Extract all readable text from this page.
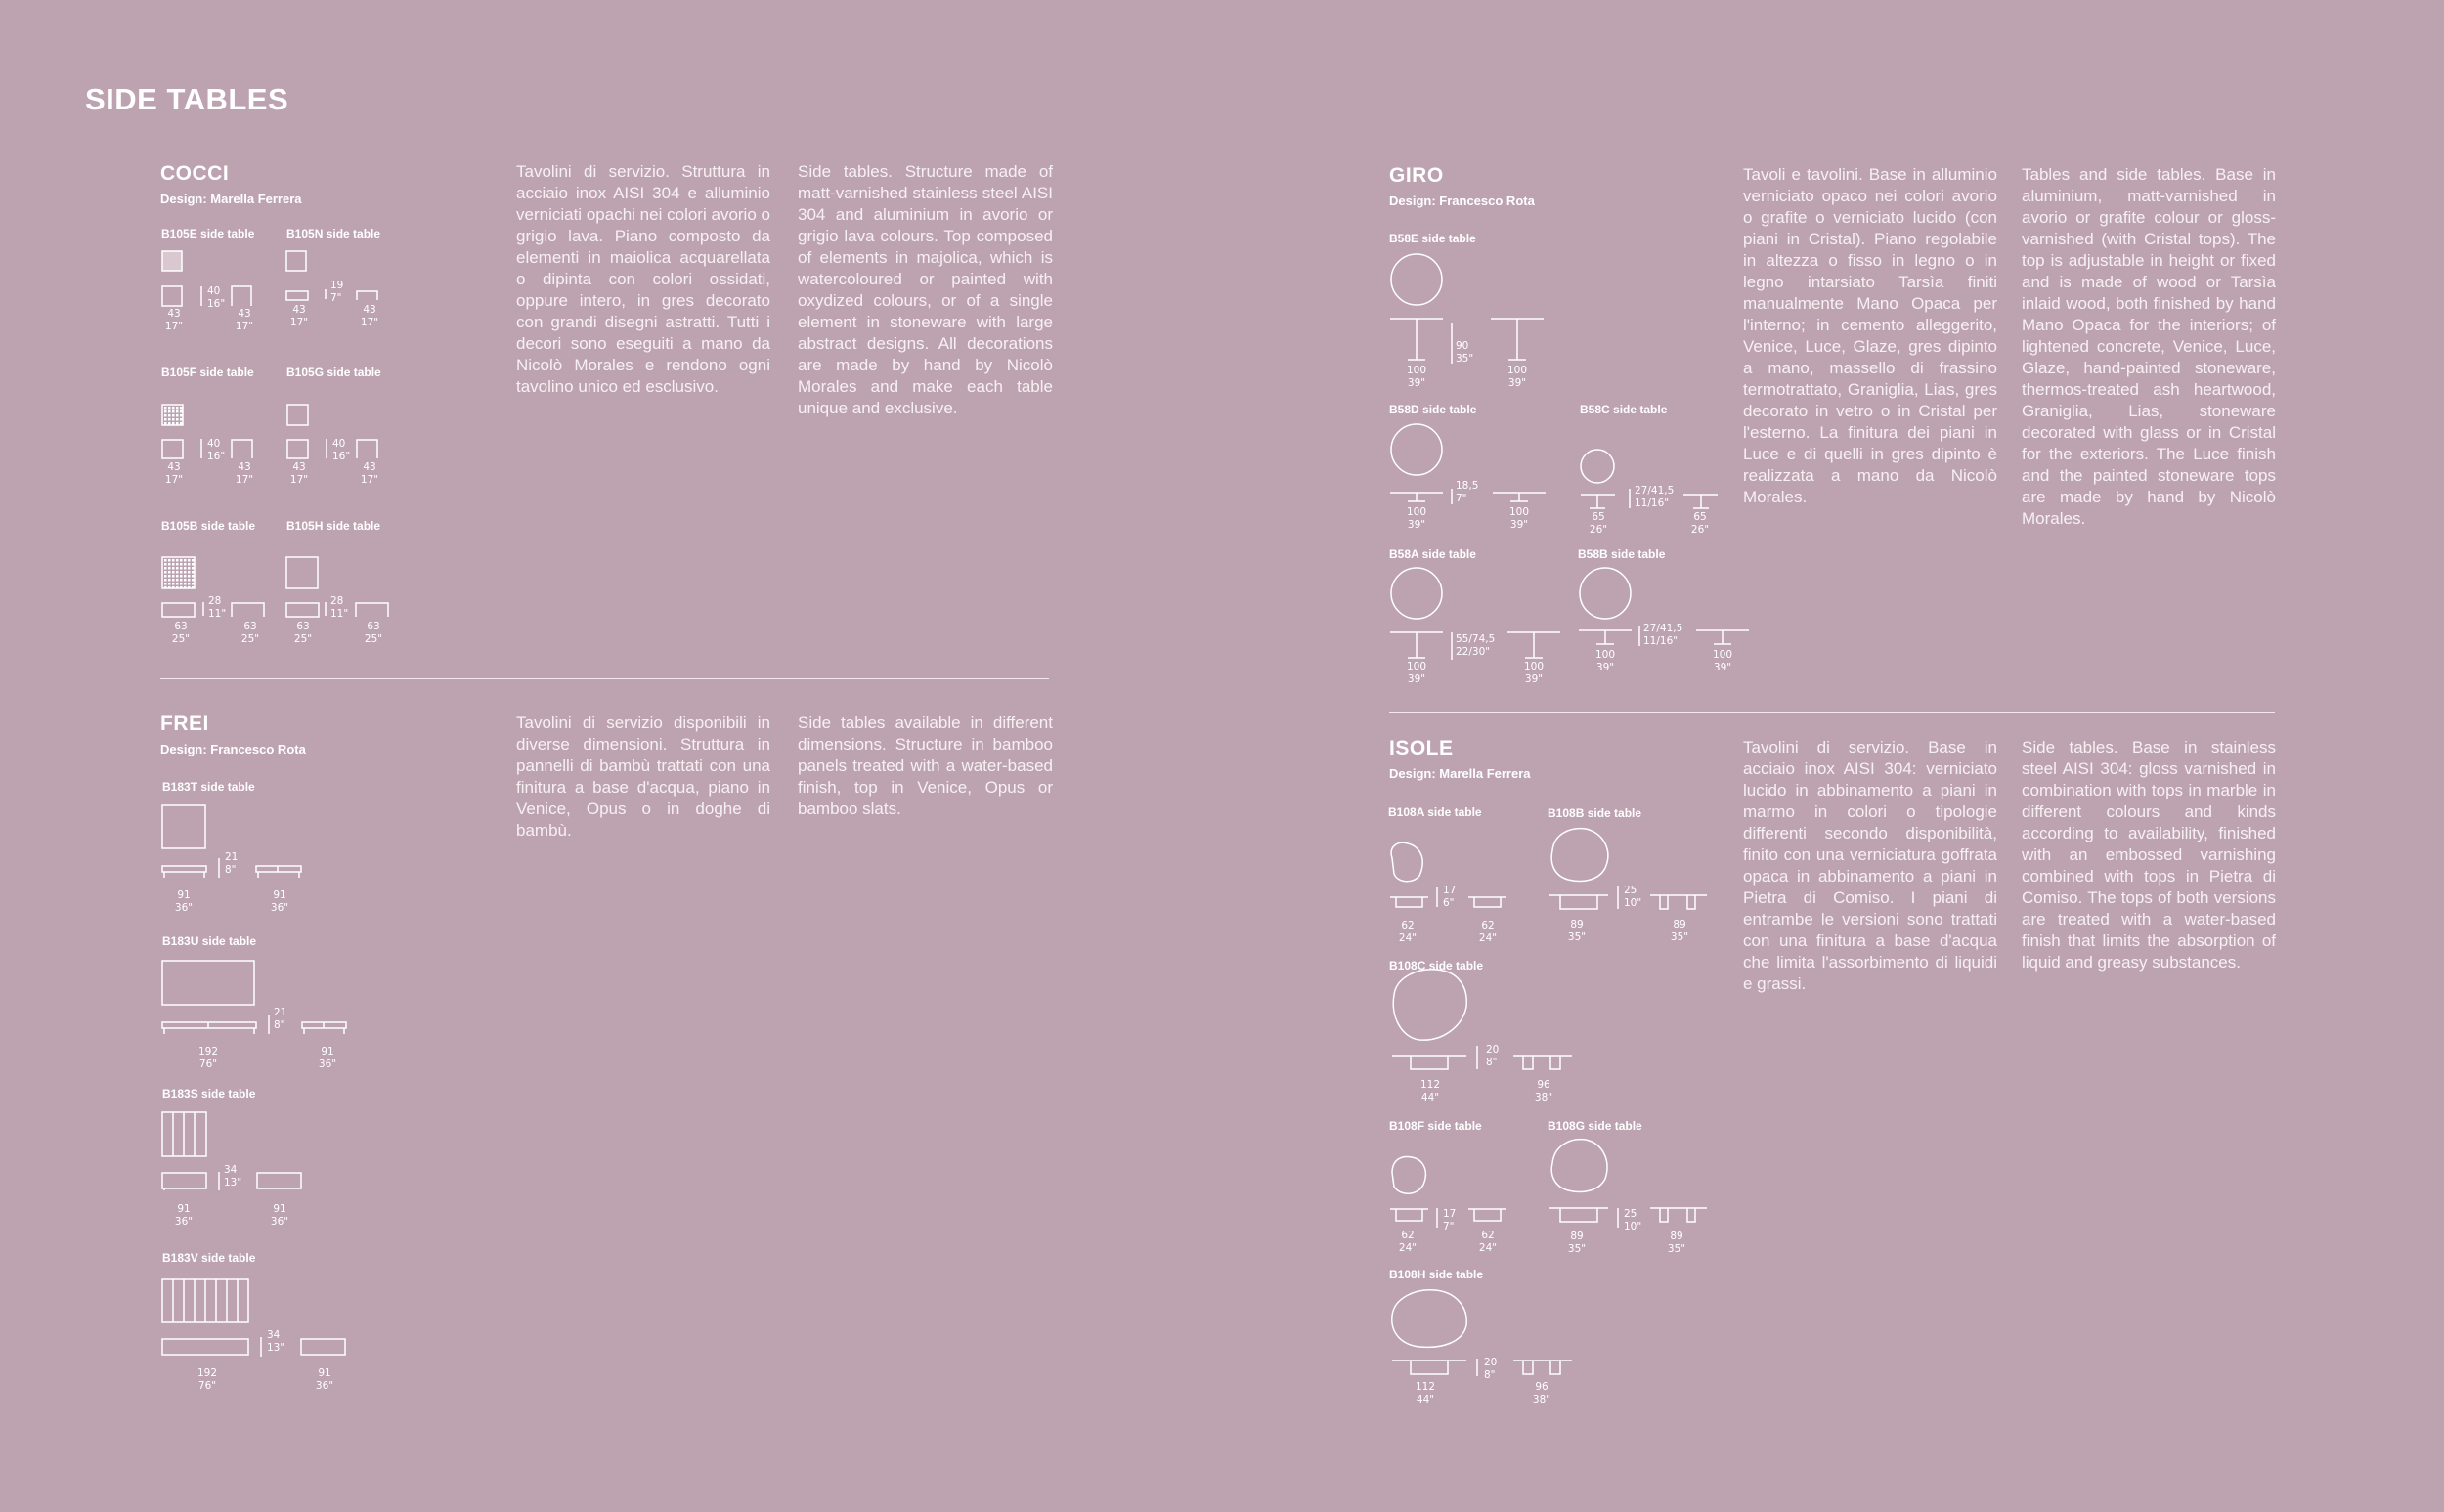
SIDE TABLES
COCCI
Design: Marella Ferrera
Tavolini di servizio. Struttura in acciaio inox AISI 304 e alluminio verniciati opachi nei colori avorio o grigio lava. Piano composto da elementi in maiolica acquarellata o dipinta con colori ossidati, oppure intero, in gres decorato con grandi disegni astratti. Tutti i decori sono eseguiti a mano da Nicolò Morales e rendono ogni tavolino unico ed esclusivo.
Side tables. Structure made of matt-varnished stainless steel AISI 304 and aluminium in avorio or grigio lava colours. Top composed of elements in majolica, which is watercoloured or painted with oxydized colours, or of a single element in stoneware with large abstract designs. All decorations are made by hand by Nicolò Morales and make each table unique and exclusive.
B105E side table	B105N side table
B105F side table	B105G side table
B105B side table	B105H side table
43
17"
40
16"
43
17"
43
17"
19
7"
43
17"
43
17"
40
16"
43
17"
43
17"
40
16"
43
17"
63
25"
28
11"
63
25"
63
25"
28
11"
63
25"
FREI
Design: Francesco Rota
Tavolini di servizio disponibili in diverse dimensioni. Struttura in pannelli di bambù trattati con una finitura a base d'acqua, piano in Venice, Opus o in doghe di bambù.
Side tables available in different dimensions. Structure in bamboo panels treated with a water-based finish, top in Venice, Opus or bamboo slats.
B183T side table
B183U side table
B183S side table
B183V side table
91
36"
21
8"
91
36"
192
76"
21
8"
91
36"
91
36"
34
13"
91
36"
192
76"
34
13"
91
36"
GIRO
Design: Francesco Rota
Tavoli e tavolini. Base in alluminio verniciato opaco nei colori avorio o grafite o verniciato lucido (con piani in Cristal). Piano regolabile in altezza o fisso in legno o in legno intarsiato Tarsìa finiti manualmente Mano Opaca per l'interno; in cemento alleggerito, Venice, Luce, Glaze, gres dipinto a mano, massello di frassino termotrattato, Graniglia, Lias, gres decorato in vetro o in Cristal per l'esterno. La finitura dei piani in Luce e di quelli in gres dipinto è realizzata a mano da Nicolò Morales.
Tables and side tables. Base in aluminium, matt-varnished in avorio or grafite colour or gloss-varnished (with Cristal tops). The top is adjustable in height or fixed and is made of wood or Tarsìa inlaid wood, both finished by hand Mano Opaca for the interiors; of lightened concrete, Venice, Luce, Glaze, hand-painted stoneware, thermos-treated ash heartwood, Graniglia, Lias, stoneware decorated with glass or in Cristal for the exteriors. The Luce finish and the painted stoneware tops are made by hand by Nicolò Morales.
B58E side table
B58D side table	B58C side table
B58A side table	B58B side table
100
39"
90
35"
100
39"
100
39"
18,5
7"
100
39"
65
26"
27/41,5
11/16"
65
26"
100
39"
55/74,5
22/30"
100
39"
100
39"
27/41,5
11/16"
100
39"
ISOLE
Design: Marella Ferrera
Tavolini di servizio. Base in acciaio inox AISI 304: verniciato lucido in abbinamento a piani in marmo in colori o tipologie differenti secondo disponibilità, finito con una verniciatura goffrata opaca in abbinamento a piani in Pietra di Comiso. I piani di entrambe le versioni sono trattati con una finitura a base d'acqua che limita l'assorbimento di liquidi e grassi.
Side tables. Base in stainless steel AISI 304: gloss varnished in combination with tops in marble in different colours and kinds according to availability, finished with an embossed varnishing combined with tops in Pietra di Comiso. The tops of both versions are treated with a water-based finish that limits the absorption of liquid and greasy substances.
B108A side table	B108B side table
B108C side table
B108F side table	B108G side table
B108H side table
62
24"
17
6"
62
24"
89
35"
25
10"
89
35"
112
44"
20
8"
96
38"
62
24"
17
7"
62
24"
89
35"
25
10"
89
35"
112
44"
20
8"
96
38"
